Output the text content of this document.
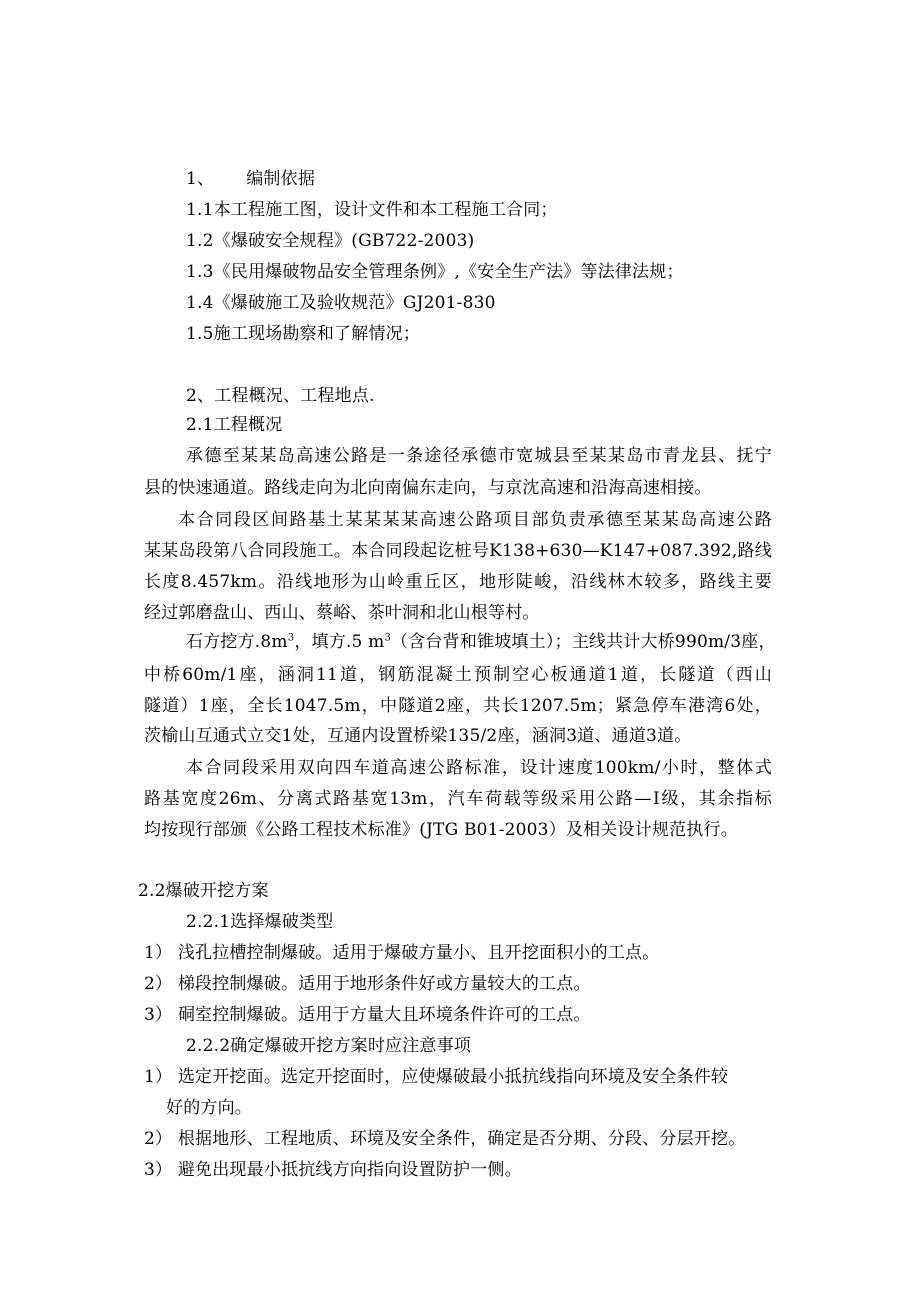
1、 编制依据
1.1本工程施工图，设计文件和本工程施工合同；
1.2《爆破安全规程》(GB722-2003)
1.3《民用爆破物品安全管理条例》,《安全生产法》等法律法规；
1.4《爆破施工及验收规范》GJ201-830
1.5施工现场勘察和了解情况；
2、工程概况、工程地点.
2.1工程概况
承德至某某岛高速公路是一条途径承德市宽城县至某某岛市青龙县、抚宁
县的快速通道。路线走向为北向南偏东走向，与京沈高速和沿海高速相接。
本合同段区间路基土某某某某高速公路项目部负责承德至某某岛高速公路
某某岛段第八合同段施工。本合同段起讫桩号K138+630—K147+087.392,路线
长度8.457km。沿线地形为山岭重丘区，地形陡峻，沿线林木较多，路线主要
经过郭磨盘山、西山、蔡峪、茶叶洞和北山根等村。
石方挖方$.8m^3$，填方.5 $m^3$（含台背和锥坡填土）；主线共计大桥990m/3座，
中桥60m/1座，涵洞11道，钢筋混凝土预制空心板通道1道，长隧道（西山
隧道）1座，全长1047.5m，中隧道2座，共长1207.5m；紧急停车港湾6处，
茨榆山互通式立交1处，互通内设置桥梁135/2座，涵洞3道、通道3道。
本合同段采用双向四车道高速公路标准，设计速度100km/小时，整体式
路基宽度26m、分离式路基宽13m，汽车荷载等级采用公路—Ⅰ级，其余指标
均按现行部颁《公路工程技术标准》(JTG B01-2003）及相关设计规范执行。
2.2爆破开挖方案
2.2.1选择爆破类型
1） 浅孔拉槽控制爆破。适用于爆破方量小、且开挖面积小的工点。
2） 梯段控制爆破。适用于地形条件好或方量较大的工点。
3） 硐室控制爆破。适用于方量大且环境条件许可的工点。
2.2.2确定爆破开挖方案时应注意事项
1） 选定开挖面。选定开挖面时，应使爆破最小抵抗线指向环境及安全条件较
好的方向。
2） 根据地形、工程地质、环境及安全条件，确定是否分期、分段、分层开挖。
3） 避免出现最小抵抗线方向指向设置防护一侧。
